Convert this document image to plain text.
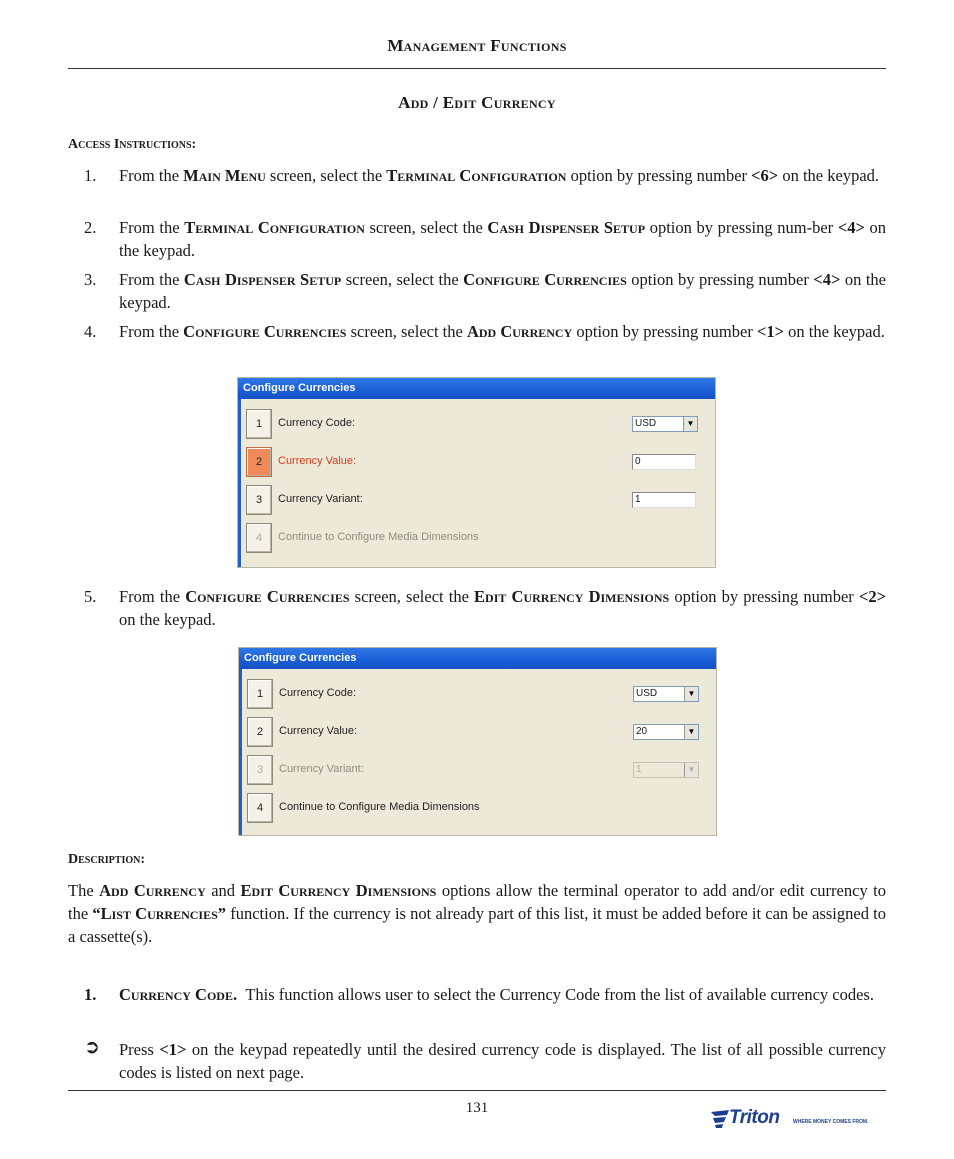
Management Functions
Add / Edit Currency
Access Instructions:
1.	From the Main Menu screen, select the Terminal Configuration option by pressing number <6> on the keypad.
2.	From the Terminal Configuration screen, select the Cash Dispenser Setup option by pressing num-ber <4> on the keypad.
3.	From the Cash Dispenser Setup screen, select the Configure Currencies option by pressing number <4> on the keypad.
4.	From the Configure Currencies screen, select the Add Currency option by pressing number <1> on the keypad.
Configure Currencies
1	Currency Code:	USD	▼
2	Currency Value:	0
3	Currency Variant:	1
4	Continue to Configure Media Dimensions
5.	From the Configure Currencies screen, select the Edit Currency Dimensions option by pressing number <2> on the keypad.
Configure Currencies
1	Currency Code:	USD	▼
2	Currency Value:	20	▼
3	Currency Variant:	1	▼
4	Continue to Configure Media Dimensions
Description:
The Add Currency and Edit Currency Dimensions options allow the terminal operator to add and/or edit currency to the “List Currencies” function. If the currency is not already part of this list, it must be added before it can be assigned to a cassette(s).
1.	Currency Code. This function allows user to select the Currency Code from the list of available currency codes.
➲ Press <1> on the keypad repeatedly until the desired currency code is displayed. The list of all possible currency codes is listed on next page.
131	Triton	WHERE MONEY COMES FROM.
